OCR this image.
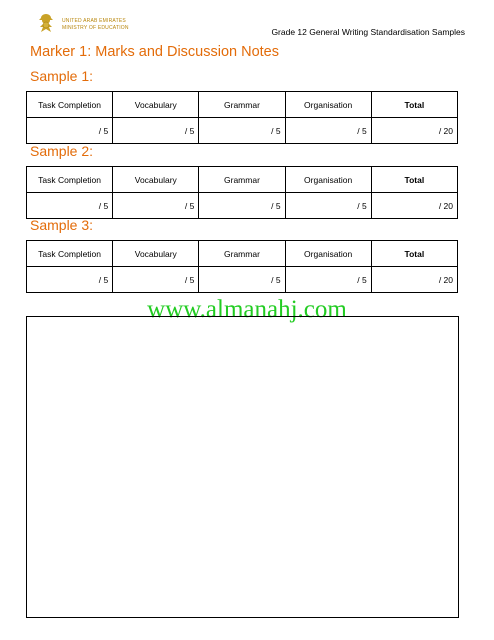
UNITED ARAB EMIRATES
MINISTRY OF EDUCATION	Grade 12 General Writing Standardisation Samples
Marker 1: Marks and Discussion Notes
Sample 1:
Task Completion	Vocabulary	Grammar	Organisation	Total
/ 5	/ 5	/ 5	/ 5	/ 20
Sample 2:
Task Completion	Vocabulary	Grammar	Organisation	Total
/ 5	/ 5	/ 5	/ 5	/ 20
Sample 3:
Task Completion	Vocabulary	Grammar	Organisation	Total
/ 5	/ 5	/ 5	/ 5	/ 20
www.almanahj.com
